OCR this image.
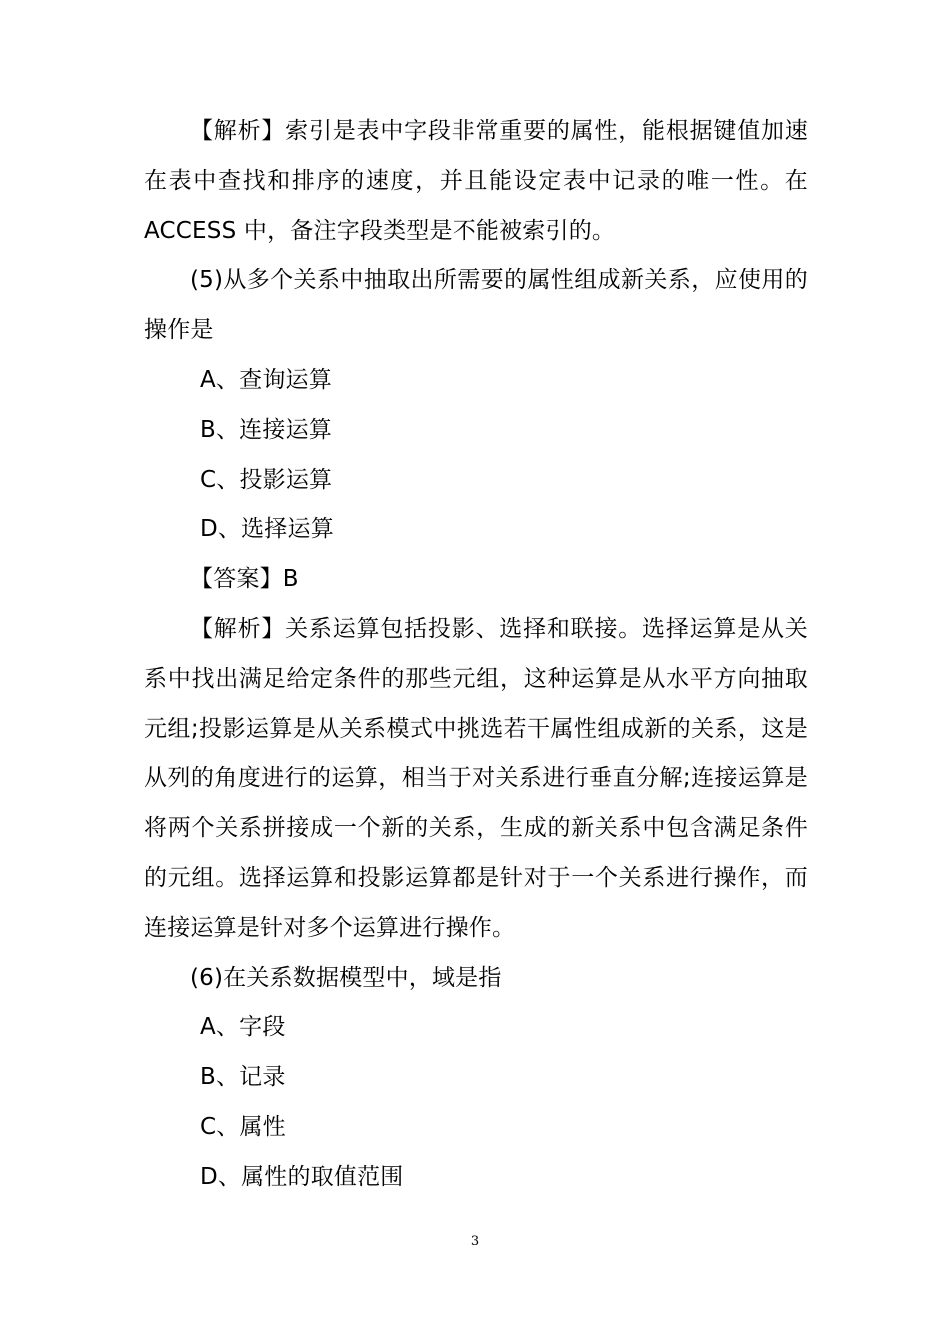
【解析】索引是表中字段非常重要的属性，能根据键值加速在表中查找和排序的速度，并且能设定表中记录的唯一性。在 ACCESS 中，备注字段类型是不能被索引的。

(5)从多个关系中抽取出所需要的属性组成新关系，应使用的操作是

A、查询运算

B、连接运算

C、投影运算

D、选择运算

【答案】B

【解析】关系运算包括投影、选择和联接。选择运算是从关系中找出满足给定条件的那些元组，这种运算是从水平方向抽取元组;投影运算是从关系模式中挑选若干属性组成新的关系，这是从列的角度进行的运算，相当于对关系进行垂直分解;连接运算是将两个关系拼接成一个新的关系，生成的新关系中包含满足条件的元组。选择运算和投影运算都是针对于一个关系进行操作，而连接运算是针对多个运算进行操作。

(6)在关系数据模型中，域是指

A、字段

B、记录

C、属性

D、属性的取值范围

3
